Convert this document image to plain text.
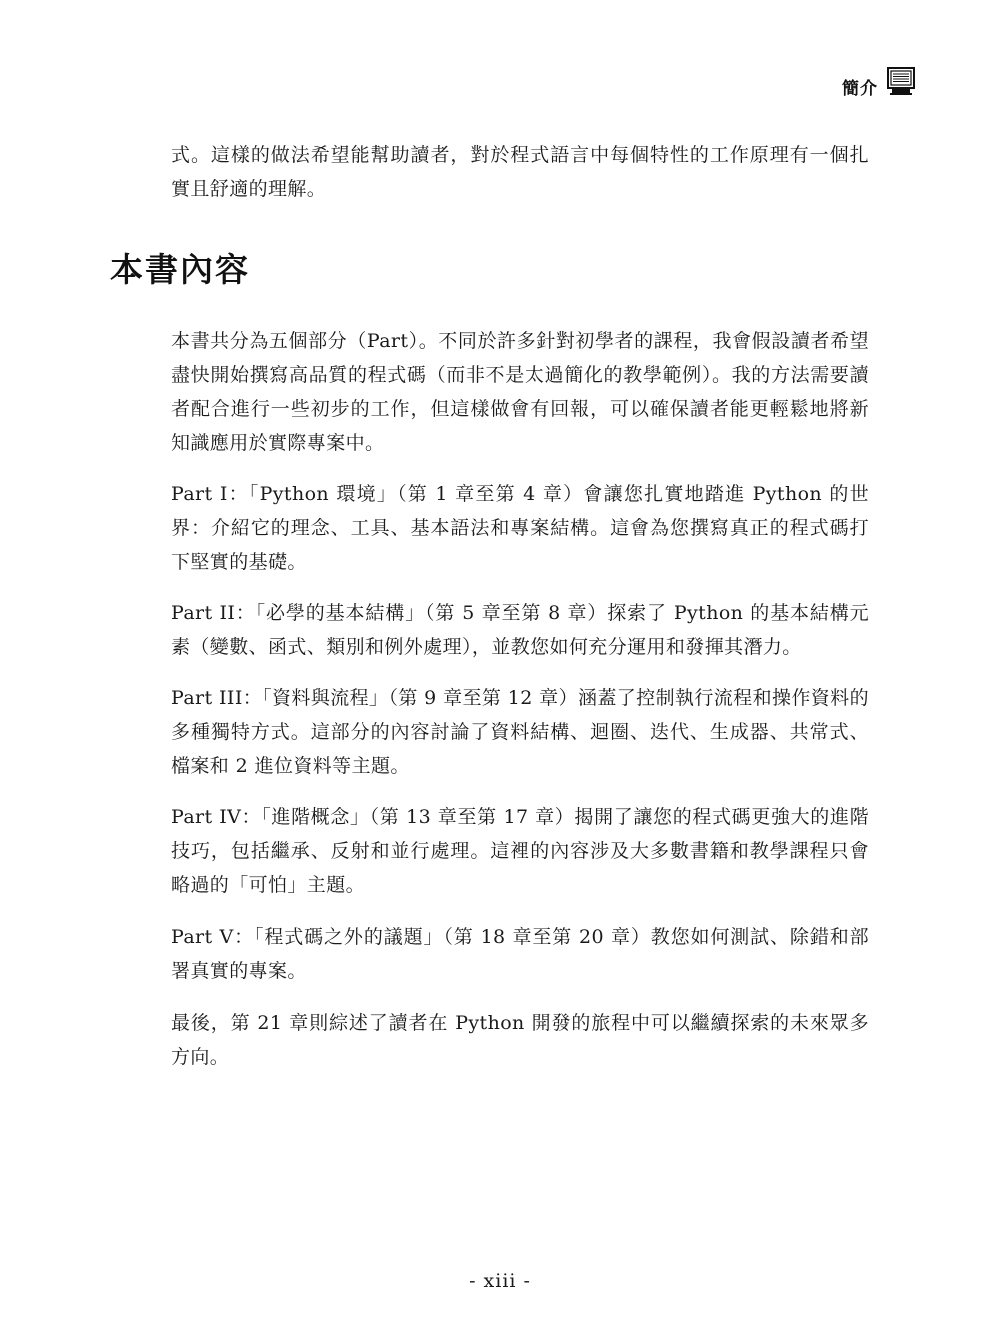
簡介

式。這樣的做法希望能幫助讀者，對於程式語言中每個特性的工作原理有一個扎實且舒適的理解。

本書內容

本書共分為五個部分（Part）。不同於許多針對初學者的課程，我會假設讀者希望盡快開始撰寫高品質的程式碼（而非不是太過簡化的教學範例）。我的方法需要讀者配合進行一些初步的工作，但這樣做會有回報，可以確保讀者能更輕鬆地將新知識應用於實際專案中。

Part I：「Python 環境」（第 1 章至第 4 章）會讓您扎實地踏進 Python 的世界：介紹它的理念、工具、基本語法和專案結構。這會為您撰寫真正的程式碼打下堅實的基礎。

Part II：「必學的基本結構」（第 5 章至第 8 章）探索了 Python 的基本結構元素（變數、函式、類別和例外處理），並教您如何充分運用和發揮其潛力。

Part III：「資料與流程」（第 9 章至第 12 章）涵蓋了控制執行流程和操作資料的多種獨特方式。這部分的內容討論了資料結構、迴圈、迭代、生成器、共常式、檔案和 2 進位資料等主題。

Part IV：「進階概念」（第 13 章至第 17 章）揭開了讓您的程式碼更強大的進階技巧，包括繼承、反射和並行處理。這裡的內容涉及大多數書籍和教學課程只會略過的「可怕」主題。

Part V：「程式碼之外的議題」（第 18 章至第 20 章）教您如何測試、除錯和部署真實的專案。

最後，第 21 章則綜述了讀者在 Python 開發的旅程中可以繼續探索的未來眾多方向。

- xiii -
